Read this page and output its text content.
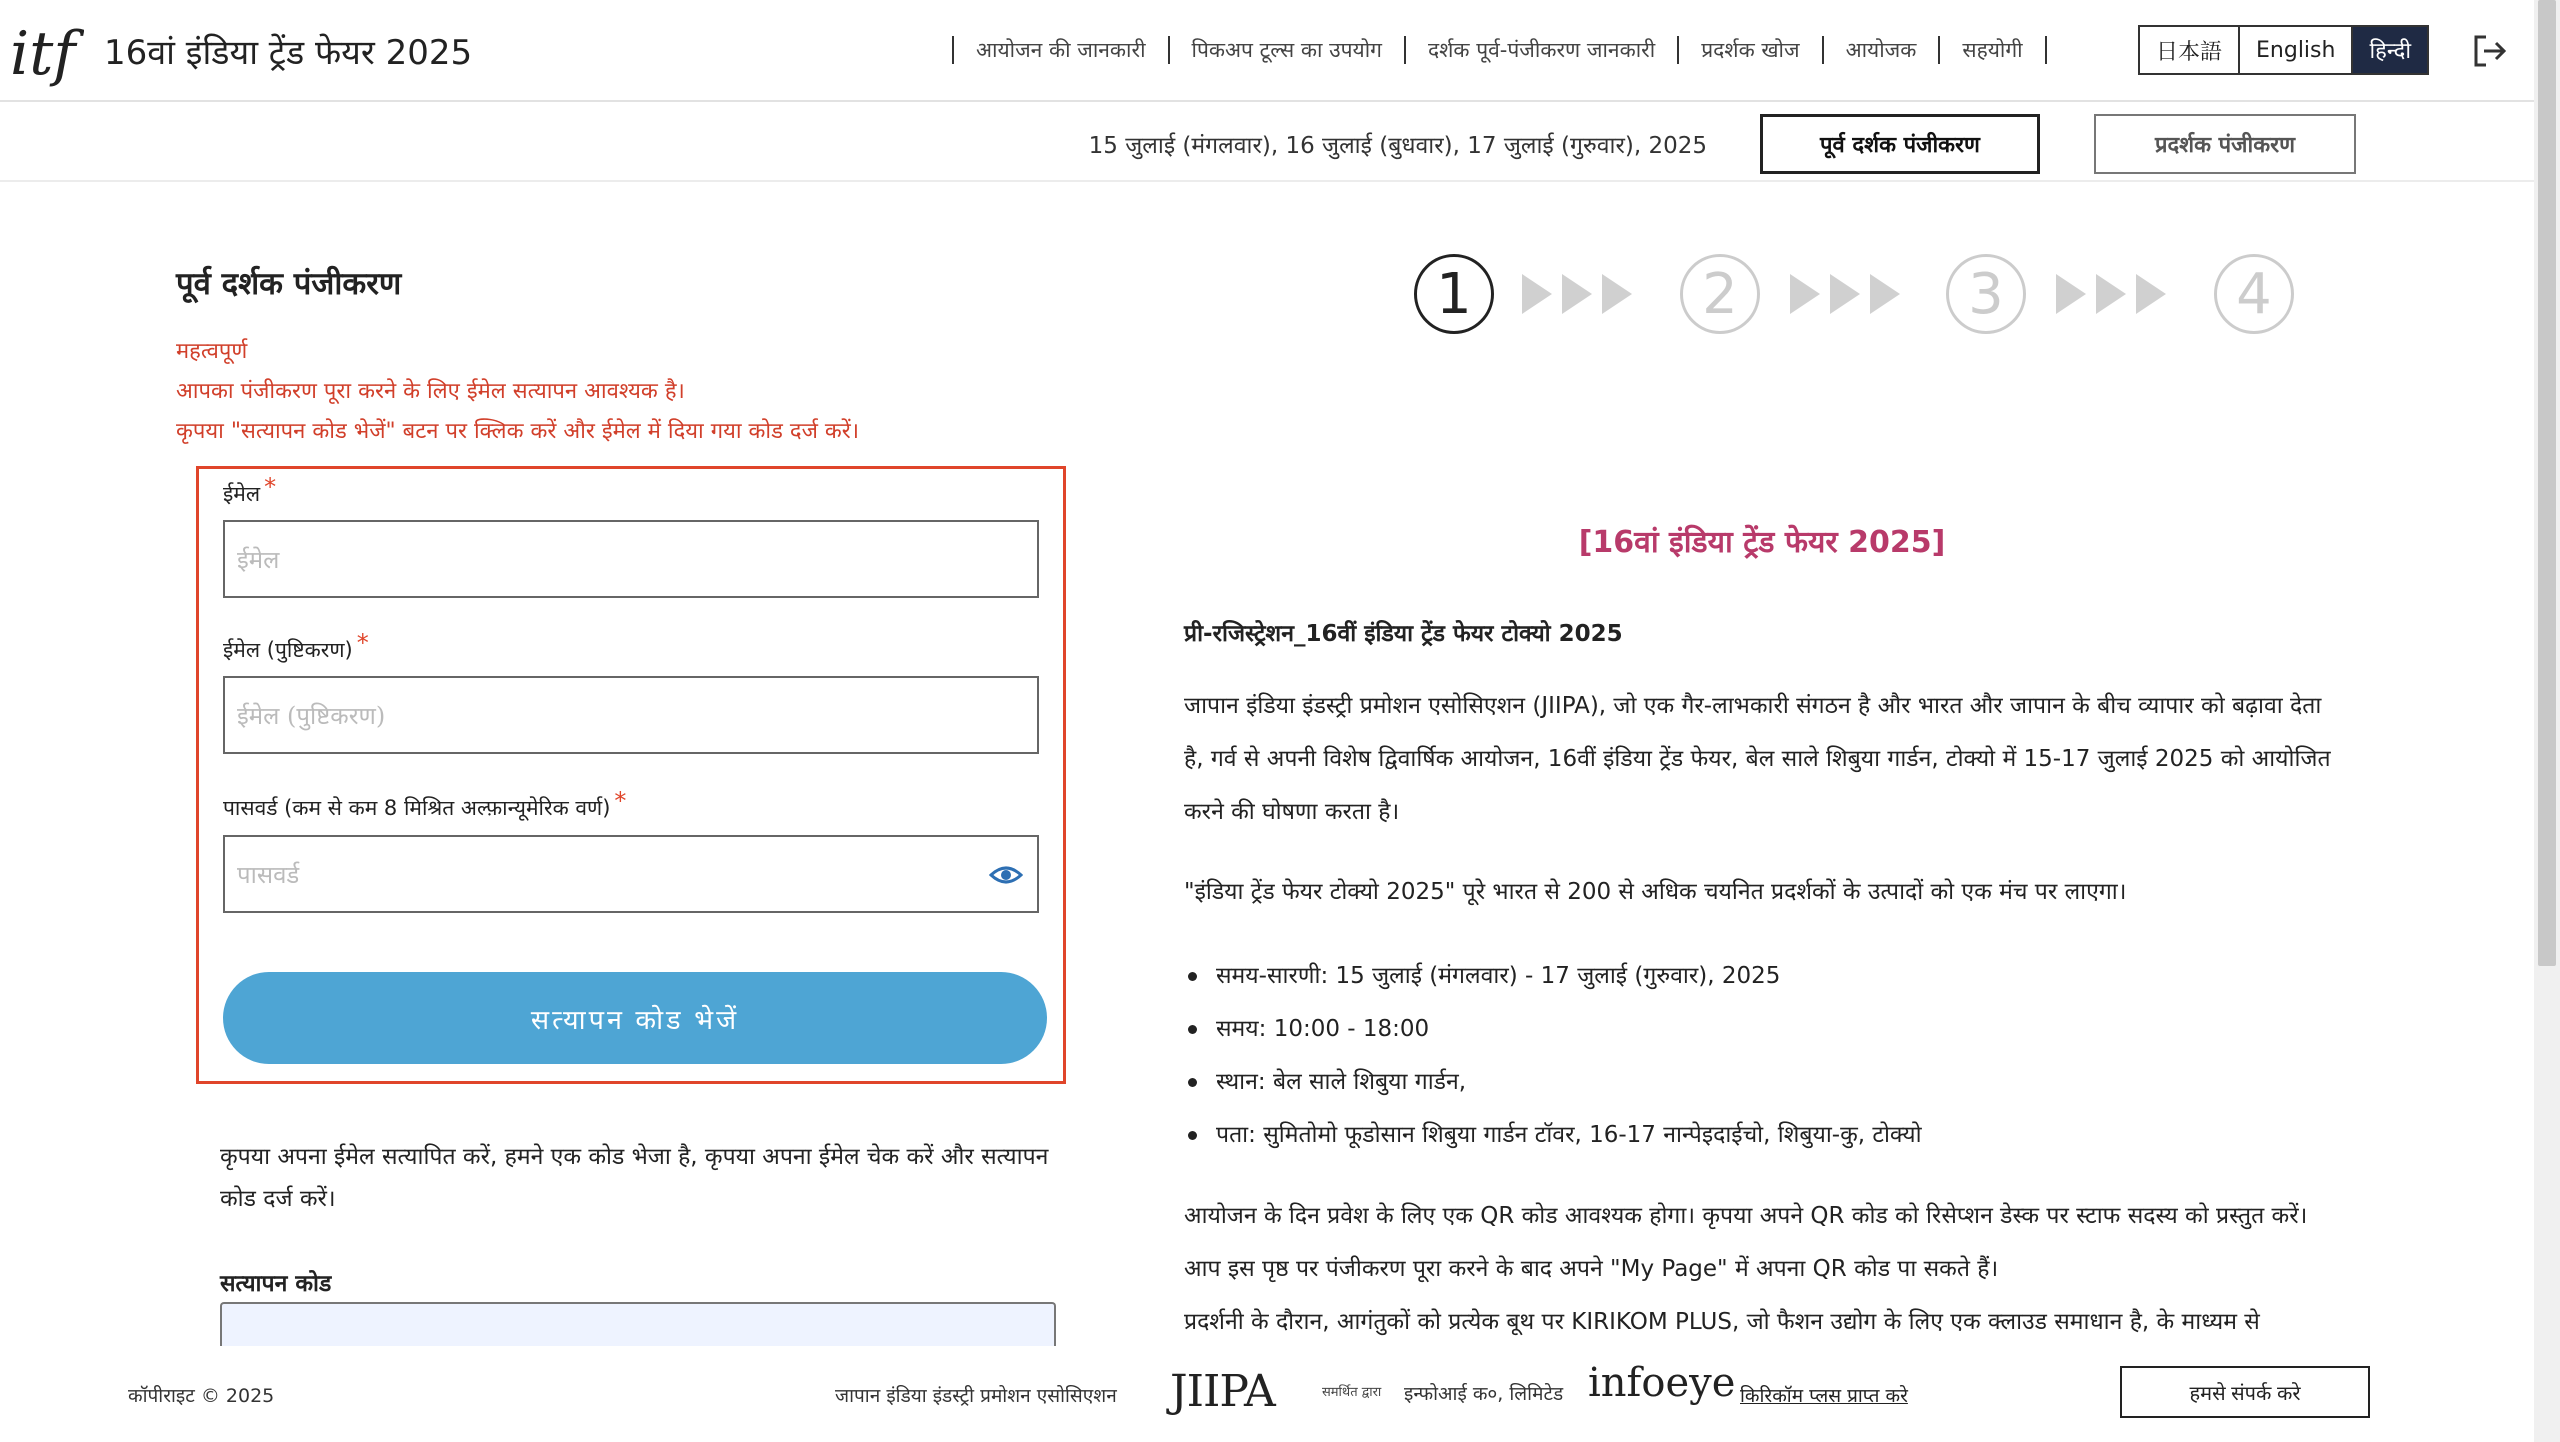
itf 16वां इंडिया ट्रेंड फेयर 2025	आयोजन की जानकारी पिकअप टूल्स का उपयोग दर्शक पूर्व-पंजीकरण जानकारी प्रदर्शक खोज आयोजक सहयोगी	日本語	English	हिन्दी
15 जुलाई (मंगलवार), 16 जुलाई (बुधवार), 17 जुलाई (गुरुवार), 2025	पूर्व दर्शक पंजीकरण	प्रदर्शक पंजीकरण
पूर्व दर्शक पंजीकरण
महत्वपूर्ण
आपका पंजीकरण पूरा करने के लिए ईमेल सत्यापन आवश्यक है।
कृपया "सत्यापन कोड भेजें" बटन पर क्लिक करें और ईमेल में दिया गया कोड दर्ज करें।
ईमेल *
ईमेल
ईमेल (पुष्टिकरण) *
ईमेल (पुष्टिकरण)
पासवर्ड (कम से कम 8 मिश्रित अल्फ़ान्यूमेरिक वर्ण) *
पासवर्ड
सत्यापन कोड भेजें

कृपया अपना ईमेल सत्यापित करें, हमने एक कोड भेजा है, कृपया अपना ईमेल चेक करें और सत्यापन कोड दर्ज करें।

सत्यापन कोड
1	2	3	4
[16वां इंडिया ट्रेंड फेयर 2025]
प्री-रजिस्ट्रेशन_16वीं इंडिया ट्रेंड फेयर टोक्यो 2025

जापान इंडिया इंडस्ट्री प्रमोशन एसोसिएशन (JIIPA), जो एक गैर-लाभकारी संगठन है और भारत और जापान के बीच व्यापार को बढ़ावा देता है, गर्व से अपनी विशेष द्विवार्षिक आयोजन, 16वीं इंडिया ट्रेंड फेयर, बेल साले शिबुया गार्डन, टोक्यो में 15-17 जुलाई 2025 को आयोजित करने की घोषणा करता है।

"इंडिया ट्रेंड फेयर टोक्यो 2025" पूरे भारत से 200 से अधिक चयनित प्रदर्शकों के उत्पादों को एक मंच पर लाएगा।

समय-सारणी: 15 जुलाई (मंगलवार) - 17 जुलाई (गुरुवार), 2025
समय: 10:00 - 18:00
स्थान: बेल साले शिबुया गार्डन,
पता: सुमितोमो फूडोसान शिबुया गार्डन टॉवर, 16-17 नान्पेइदाईचो, शिबुया-कु, टोक्यो

आयोजन के दिन प्रवेश के लिए एक QR कोड आवश्यक होगा। कृपया अपने QR कोड को रिसेप्शन डेस्क पर स्टाफ सदस्य को प्रस्तुत करें। आप इस पृष्ठ पर पंजीकरण पूरा करने के बाद अपने "My Page" में अपना QR कोड पा सकते हैं।

प्रदर्शनी के दौरान, आगंतुकों को प्रत्येक बूथ पर KIRIKOM PLUS, जो फैशन उद्योग के लिए एक क्लाउड समाधान है, के माध्यम से

कॉपीराइट © 2025	जापान इंडिया इंडस्ट्री प्रमोशन एसोसिएशन JIIPA	समर्थित द्वारा इन्फोआई क०, लिमिटेड infoeye किरिकॉम प्लस प्राप्त करे	हमसे संपर्क करे
